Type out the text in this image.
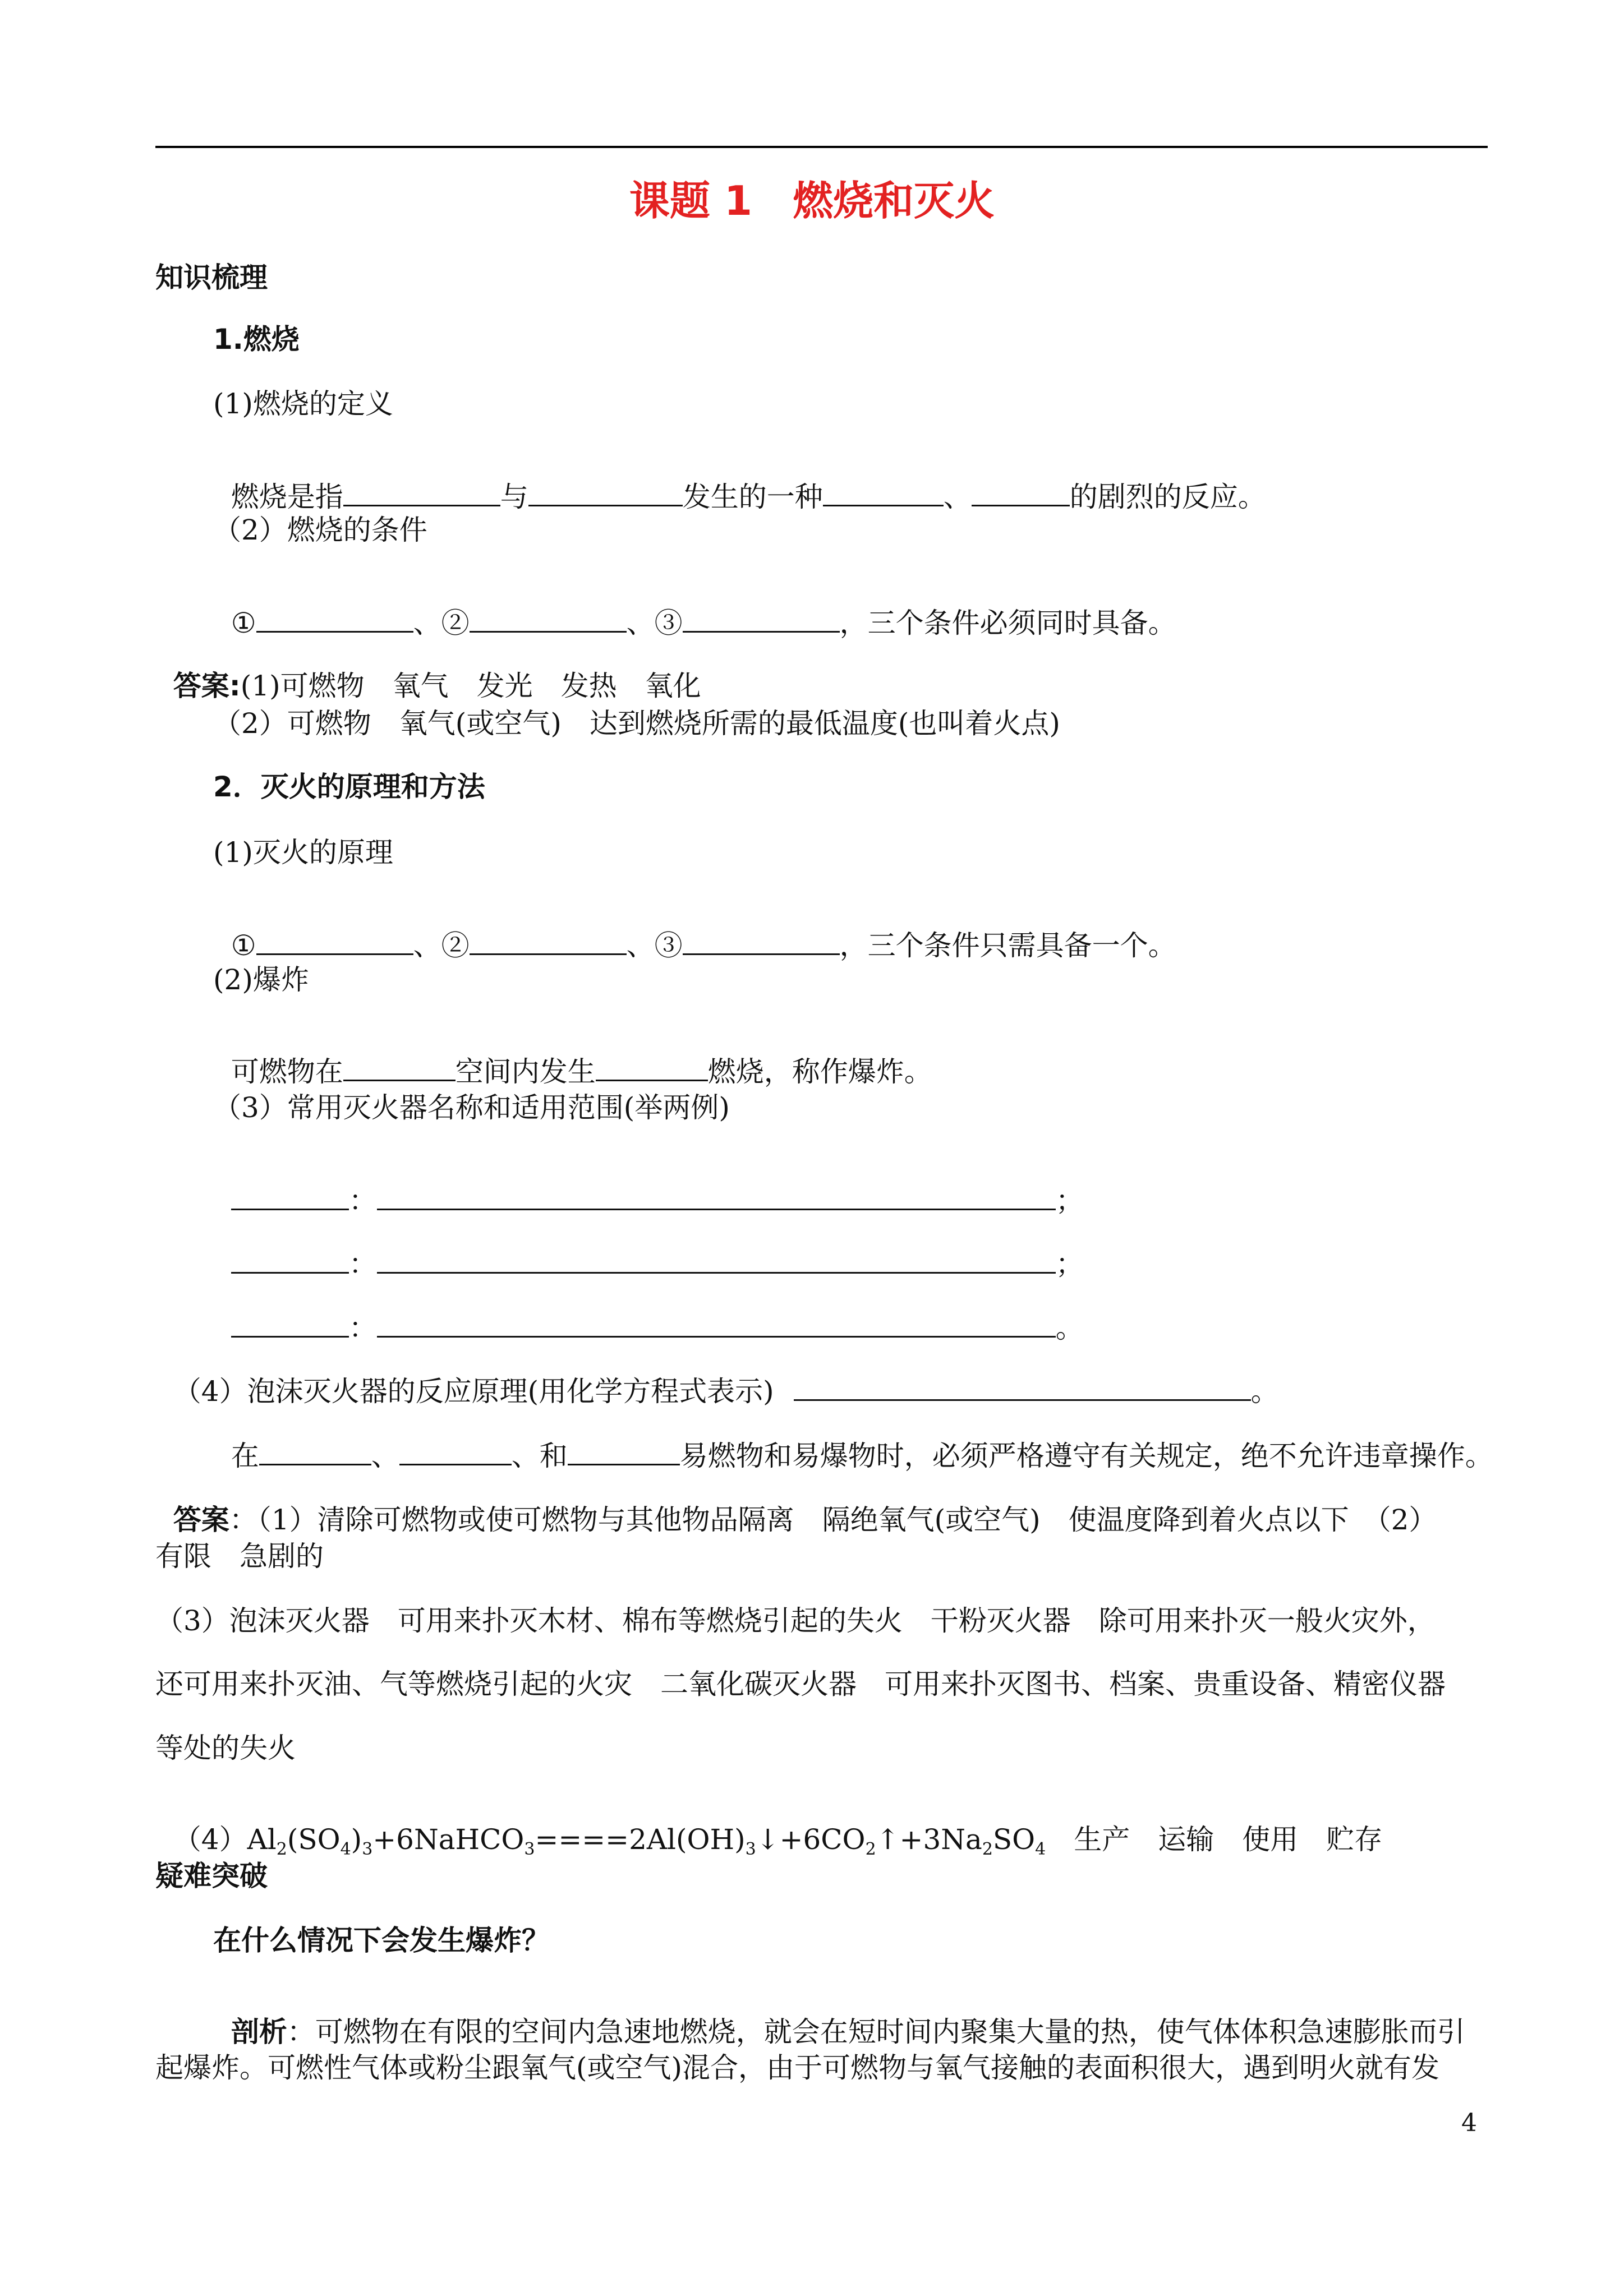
课题 1　燃烧和灭火
知识梳理
1.燃烧
(1)燃烧的定义

燃烧是指	与	发生的一种	、	的剧烈的反应。

（2）燃烧的条件

①	、②	、③	，三个条件必须同时具备。

答案:(1)可燃物　氧气　发光　发热　氧化

（2）可燃物　氧气(或空气)　达到燃烧所需的最低温度(也叫着火点)
2．灭火的原理和方法
(1)灭火的原理

①	、②	、③	，三个条件只需具备一个。

(2)爆炸

可燃物在	空间内发生	燃烧，称作爆炸。

（3）常用灭火器名称和适用范围(举两例)

：	；

：	；

：	。

（4）泡沫灭火器的反应原理(用化学方程式表示)	。

在	、	、和	易燃物和易爆物时，必须严格遵守有关规定，绝不允许违章操作。

答案：（1）清除可燃物或使可燃物与其他物品隔离　隔绝氧气(或空气)　使温度降到着火点以下　（2）

有限　急剧的
（3）泡沫灭火器　可用来扑灭木材、棉布等燃烧引起的失火　干粉灭火器　除可用来扑灭一般火灾外，
还可用来扑灭油、气等燃烧引起的火灾　二氧化碳灭火器　可用来扑灭图书、档案、贵重设备、精密仪器
等处的失火

$(4)Al_2(SO_4)_3+6NaHCO_3====2Al(OH)_3↓+6CO_2↑+3Na_2SO_4$　生产　运输　使用　贮存

疑难突破
在什么情况下会发生爆炸？

剖析：可燃物在有限的空间内急速地燃烧，就会在短时间内聚集大量的热，使气体体积急速膨胀而引

起爆炸。可燃性气体或粉尘跟氧气(或空气)混合，由于可燃物与氧气接触的表面积很大，遇到明火就有发
4
